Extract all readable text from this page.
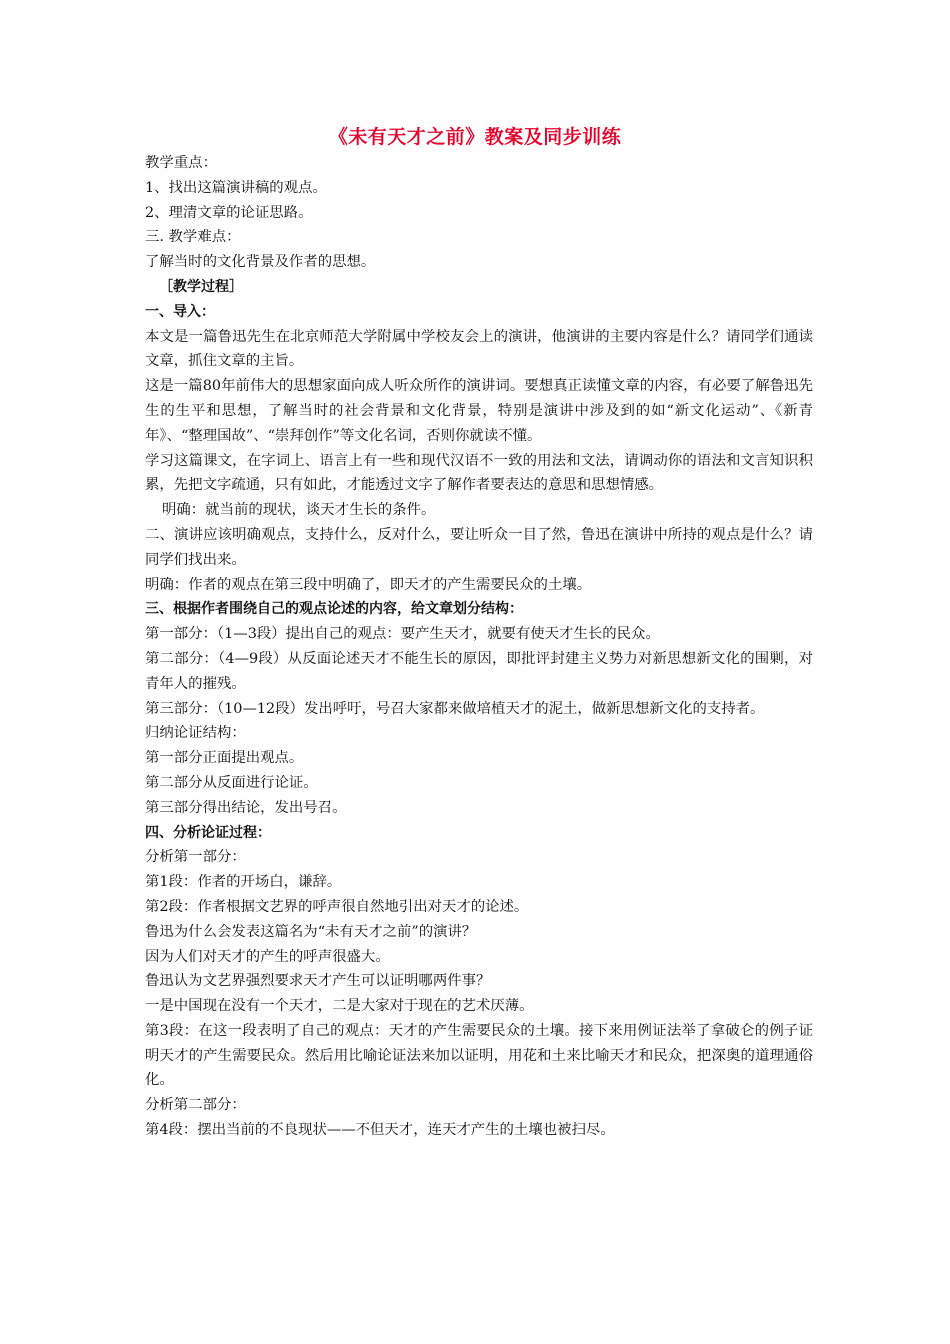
《未有天才之前》教案及同步训练

教学重点：

1、找出这篇演讲稿的观点。

2、理清文章的论证思路。

三. 教学难点：

了解当时的文化背景及作者的思想。

［教学过程］

一、导入：

本文是一篇鲁迅先生在北京师范大学附属中学校友会上的演讲，他演讲的主要内容是什么？请同学们通读文章，抓住文章的主旨。

这是一篇80年前伟大的思想家面向成人听众所作的演讲词。要想真正读懂文章的内容，有必要了解鲁迅先生的生平和思想，了解当时的社会背景和文化背景，特别是演讲中涉及到的如“新文化运动”、《新青年》、“整理国故”、“崇拜创作”等文化名词，否则你就读不懂。

学习这篇课文，在字词上、语言上有一些和现代汉语不一致的用法和文法，请调动你的语法和文言知识积累，先把文字疏通，只有如此，才能透过文字了解作者要表达的意思和思想情感。

明确：就当前的现状，谈天才生长的条件。

二、演讲应该明确观点，支持什么，反对什么，要让听众一目了然，鲁迅在演讲中所持的观点是什么？请同学们找出来。

明确：作者的观点在第三段中明确了，即天才的产生需要民众的土壤。

三、根据作者围绕自己的观点论述的内容，给文章划分结构：

第一部分：（1—3段）提出自己的观点：要产生天才，就要有使天才生长的民众。

第二部分：（4—9段）从反面论述天才不能生长的原因，即批评封建主义势力对新思想新文化的围剿，对青年人的摧残。

第三部分：（10—12段）发出呼吁，号召大家都来做培植天才的泥土，做新思想新文化的支持者。

归纳论证结构：

第一部分正面提出观点。

第二部分从反面进行论证。

第三部分得出结论，发出号召。

四、分析论证过程：

分析第一部分：

第1段：作者的开场白，谦辞。

第2段：作者根据文艺界的呼声很自然地引出对天才的论述。

鲁迅为什么会发表这篇名为“未有天才之前”的演讲？

因为人们对天才的产生的呼声很盛大。

鲁迅认为文艺界强烈要求天才产生可以证明哪两件事？

一是中国现在没有一个天才，二是大家对于现在的艺术厌薄。

第3段：在这一段表明了自己的观点：天才的产生需要民众的土壤。接下来用例证法举了拿破仑的例子证明天才的产生需要民众。然后用比喻论证法来加以证明，用花和土来比喻天才和民众，把深奥的道理通俗化。

分析第二部分：

第4段：摆出当前的不良现状——不但天才，连天才产生的土壤也被扫尽。
